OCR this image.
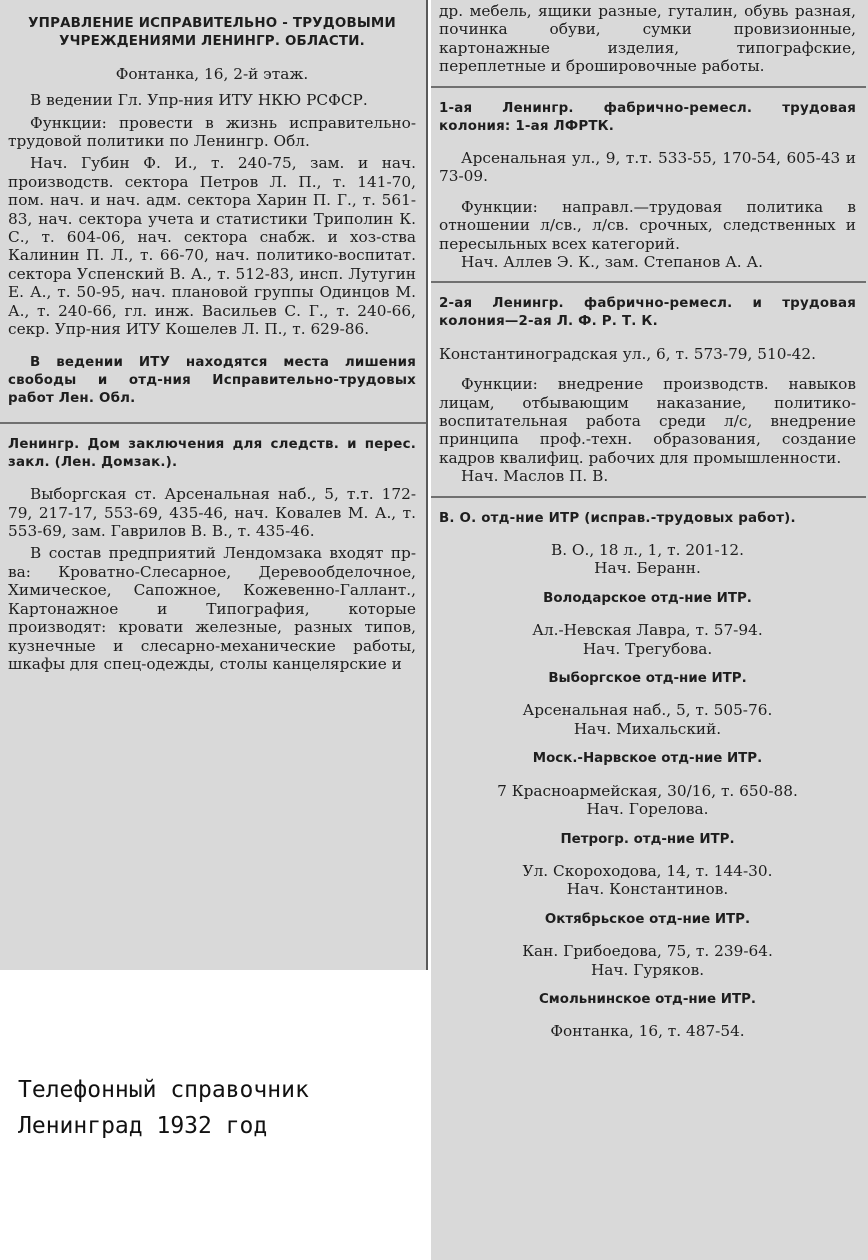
УПРАВЛЕНИЕ ИСПРАВИТЕЛЬНО - ТРУДОВЫМИ УЧРЕЖДЕНИЯМИ ЛЕНИНГР. ОБЛАСТИ.

Фонтанка, 16, 2-й этаж.

В ведении Гл. Упр-ния ИТУ НКЮ РСФСР.

Функции: провести в жизнь исправительно-трудовой политики по Ленингр. Обл.

Нач. Губин Ф. И., т. 240-75, зам. и нач. производств. сектора Петров Л. П., т. 141-70, пом. нач. и нач. адм. сектора Харин П. Г., т. 561-83, нач. сектора учета и статистики Триполин К. С., т. 604-06, нач. сектора снабж. и хоз-ства Калинин П. Л., т. 66-70, нач. политико-воспитат. сектора Успенский В. А., т. 512-83, инсп. Лутугин Е. А., т. 50-95, нач. плановой группы Одинцов М. А., т. 240-66, гл. инж. Васильев С. Г., т. 240-66, секр. Упр-ния ИТУ Кошелев Л. П., т. 629-86.

В ведении ИТУ находятся места лишения свободы и отд-ния Исправительно-трудовых работ Лен. Обл.

Ленингр. Дом заключения для следств. и перес. закл. (Лен. Домзак.).

Выборгская ст. Арсенальная наб., 5, т.т. 172-79, 217-17, 553-69, 435-46, нач. Ковалев М. А., т. 553-69, зам. Гаврилов В. В., т. 435-46.

В состав предприятий Лендомзака входят пр-ва: Кроватно-Слесарное, Деревообделочное, Химическое, Сапожное, Кожевенно-Галлант., Картонажное и Типография, которые производят: кровати железные, разных типов, кузнечные и слесарно-механические работы, шкафы для спец-одежды, столы канцелярские и

др. мебель, ящики разные, гуталин, обувь разная, починка обуви, сумки провизионные, картонажные изделия, типографские, переплетные и брошировочные работы.

1-ая Ленингр. фабрично-ремесл. трудовая колония: 1-ая ЛФРТК.

Арсенальная ул., 9, т.т. 533-55, 170-54, 605-43 и 73-09.

Функции: направл.—трудовая политика в отношении л/св., л/св. срочных, следственных и пересыльных всех категорий.

Нач. Аллев Э. К., зам. Степанов А. А.

2-ая Ленингр. фабрично-ремесл. и трудовая колония—2-ая Л. Ф. Р. Т. К.

Константиноградская ул., 6, т. 573-79, 510-42.

Функции: внедрение производств. навыков лицам, отбывающим наказание, политико-воспитательная работа среди л/с, внедрение принципа проф.-техн. образования, создание кадров квалифиц. рабочих для промышленности.

Нач. Маслов П. В.

В. О. отд-ние ИТР (исправ.-трудовых работ).

В. О., 18 л., 1, т. 201-12.

Нач. Беранн.

Володарское отд-ние ИТР.

Ал.-Невская Лавра, т. 57-94.

Нач. Трегубова.

Выборгское отд-ние ИТР.

Арсенальная наб., 5, т. 505-76.

Нач. Михальский.

Моск.-Нарвское отд-ние ИТР.

7 Красноармейская, 30/16, т. 650-88.

Нач. Горелова.

Петрогр. отд-ние ИТР.

Ул. Скороходова, 14, т. 144-30.

Нач. Константинов.

Октябрьское отд-ние ИТР.

Кан. Грибоедова, 75, т. 239-64.

Нач. Гуряков.

Смольнинское отд-ние ИТР.

Фонтанка, 16, т. 487-54.

Телефонный справочник
Ленинград 1932 год
